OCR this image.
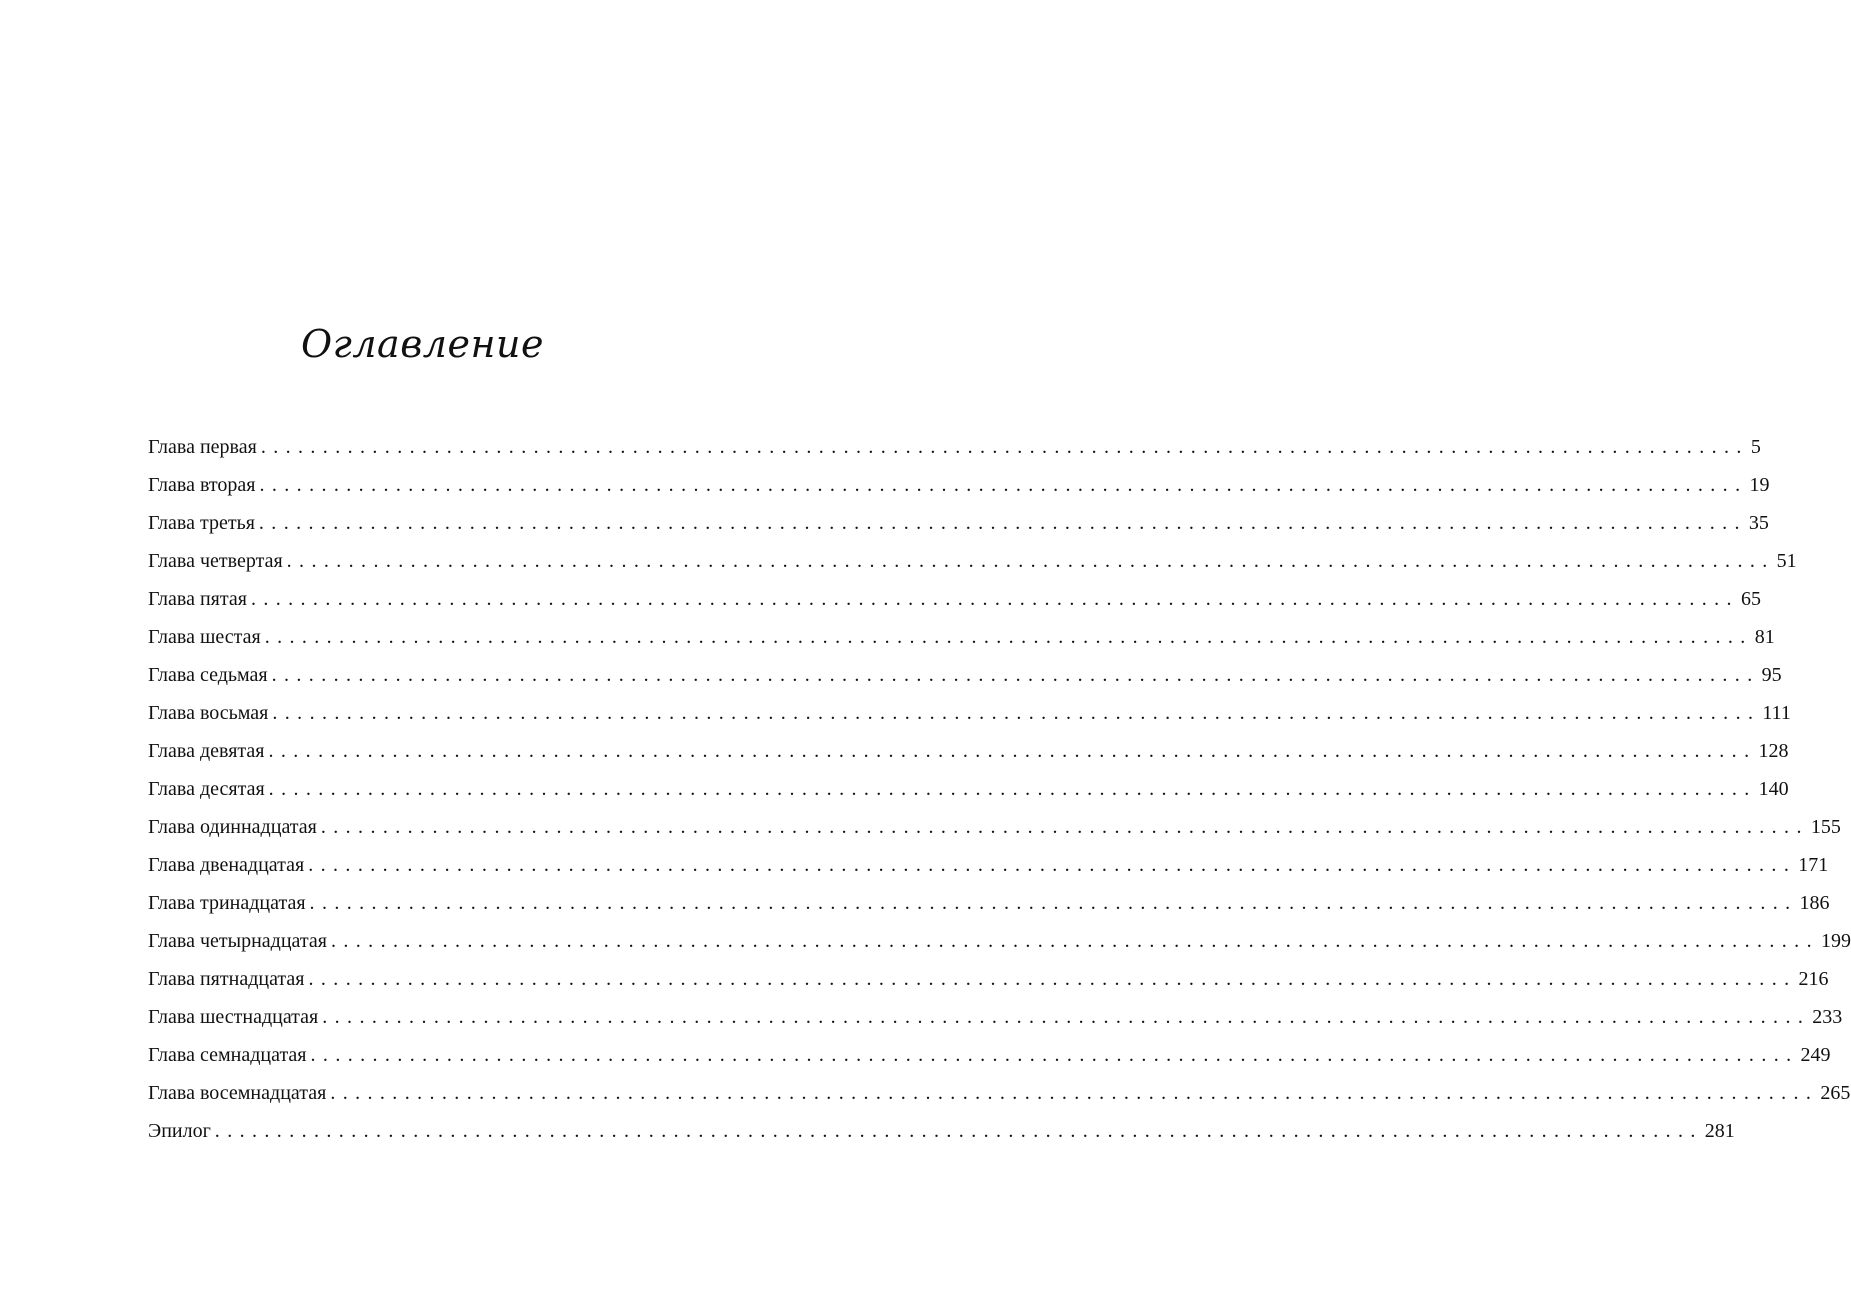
Оглавление
Глава первая ........................................................................................................................ 5
Глава вторая ........................................................................................................................ 19
Глава третья ........................................................................................................................ 35
Глава четвертая ........................................................................................................................ 51
Глава пятая ........................................................................................................................ 65
Глава шестая ........................................................................................................................ 81
Глава седьмая ........................................................................................................................ 95
Глава восьмая ........................................................................................................................ 111
Глава девятая ........................................................................................................................ 128
Глава десятая ........................................................................................................................ 140
Глава одиннадцатая ........................................................................................................................ 155
Глава двенадцатая ........................................................................................................................ 171
Глава тринадцатая ........................................................................................................................ 186
Глава четырнадцатая ........................................................................................................................ 199
Глава пятнадцатая ........................................................................................................................ 216
Глава шестнадцатая ........................................................................................................................ 233
Глава семнадцатая ........................................................................................................................ 249
Глава восемнадцатая ........................................................................................................................ 265
Эпилог ........................................................................................................................ 281
